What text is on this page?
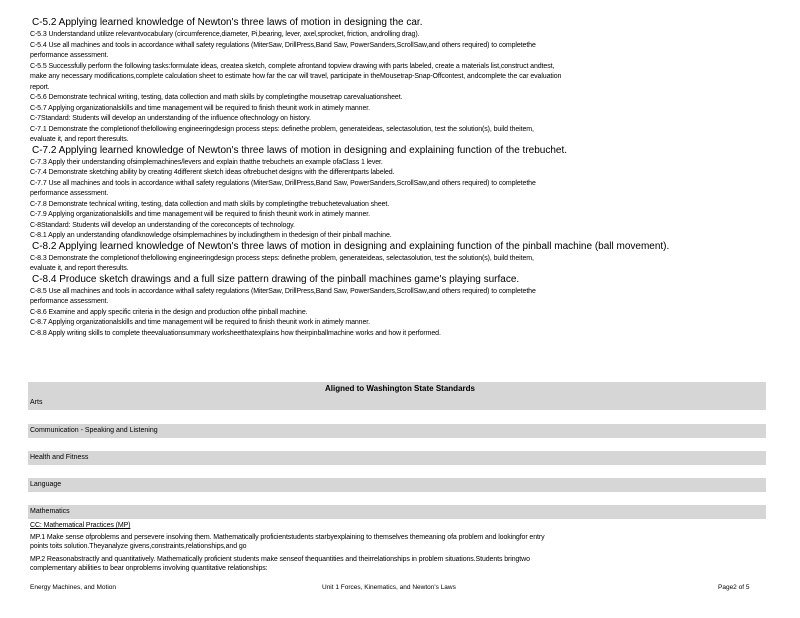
C-5.2 Applying learned knowledge of Newton's three laws of motion in designing the car.
C-5.3 Understandand utilize relevantvocabulary (circumference,diameter, Pi,bearing, lever, axel,sprocket, friction, androlling drag).
C-5.4 Use all machines and tools in accordance withall safety regulations (MiterSaw, DrillPress,Band Saw, PowerSanders,ScrollSaw,and others required) to completethe
performance assessment.
C-5.5 Successfully perform the following tasks:formulate ideas, createa sketch, complete afrontand topview drawing with parts labeled, create a materials list,construct andtest,
make any necessary modifications,complete calculation sheet to estimate how far the car will travel, participate in theMousetrap-Snap-Offcontest, andcomplete the car evaluation
report.
C-5.6 Demonstrate technical writing, testing, data collection and math skills by completingthe mousetrap carevaluationsheet.
C-5.7 Applying organizationalskills and time management will be required to finish theunit work in atimely manner.
C-7Standard: Students will develop an understanding of the influence oftechnology on history.
C-7.1 Demonstrate the completionof thefollowing engineeringdesign process steps: definethe problem, generateideas, selectasolution, test the solution(s), build theitem,
evaluate it, and report theresults.
C-7.2 Applying learned knowledge of Newton's three laws of motion in designing and explaining function of the trebuchet.
C-7.3 Apply their understanding ofsimplemachines/levers and explain thatthe trebuchets an example ofaClass 1 lever.
C-7.4 Demonstrate sketching ability by creating 4different sketch ideas oftrebuchet designs with the differentparts labeled.
C-7.7 Use all machines and tools in accordance withall safety regulations (MiterSaw, DrillPress,Band Saw, PowerSanders,ScrollSaw,and others required) to completethe
performance assessment.
C-7.8 Demonstrate technical writing, testing, data collection and math skills by completingthe trebuchetevaluation sheet.
C-7.9 Applying organizationalskills and time management will be required to finish theunit work in atimely manner.
C-8Standard: Students will develop an understanding of the coreconcepts of technology.
C-8.1 Apply an understanding ofandknowledge ofsimplemachines by includingthem in thedesign of their pinball machine.
C-8.2 Applying learned knowledge of Newton's three laws of motion in designing and explaining function of the pinball machine (ball movement).
C-8.3 Demonstrate the completionof thefollowing engineeringdesign process steps: definethe problem, generateideas, selectasolution, test the solution(s), build theitem,
evaluate it, and report theresults.
C-8.4 Produce sketch drawings and a full size pattern drawing of the pinball machines game's playing surface.
C-8.5 Use all machines and tools in accordance withall safety regulations (MiterSaw, DrillPress,Band Saw, PowerSanders,ScrollSaw,and others required) to completethe
performance assessment.
C-8.6 Examine and apply specific criteria in the design and production ofthe pinball machine.
C-8.7 Applying organizationalskills and time management will be required to finish theunit work in atimely manner.
C-8.8 Apply writing skills to complete theevaluationsummary worksheetthatexplains how theirpinballmachine works and how it performed.
Aligned to Washington State Standards
Arts
Communication - Speaking and Listening
Health and Fitness
Language
Mathematics
CC: Mathematical Practices (MP)
MP.1 Make sense ofproblems and persevere insolving them. Mathematically proficientstudents starbyexplaining to themselves themeaning ofa problem and lookingfor entry
points toits solution.Theyanalyze givens,constraints,relationships,and go
MP.2 Reasonabstractly and quantitatively. Mathematically proficient students make senseof thequantities and theirrelationships in problem situations.Students bringtwo
complementary abilities to bear onproblems involving quantitative relationships:
Energy Machines, and Motion	Unit 1 Forces, Kinematics, and Newton's Laws	Page2 of 5
